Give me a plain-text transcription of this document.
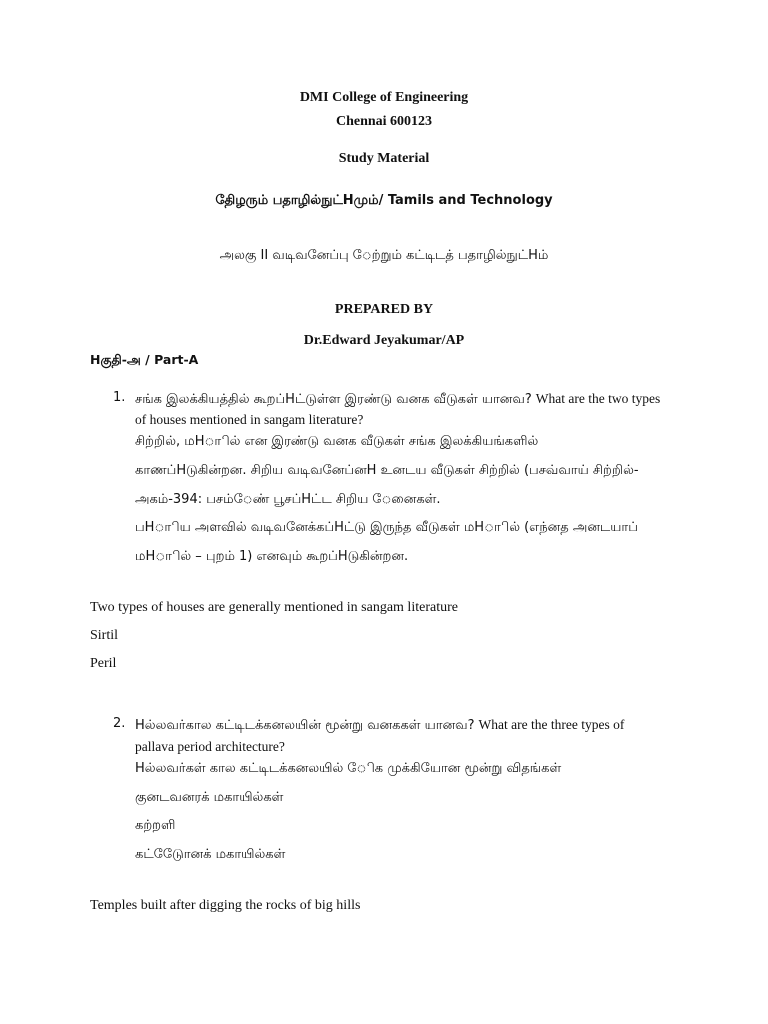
DMI College of Engineering
Chennai 600123
Study Material
தேிழரும் பதாழில்நுட்Hமும்/ Tamils and Technology
அலகு II வடிவனேப்பு ேற்றும் கட்டிடத் பதாழில்நுட்Hம்
PREPARED BY
Dr.Edward Jeyakumar/AP
Hகுதி-அ / Part-A
1. சங்க இலக்கியத்தில் கூறப்Hட்டுள்ள இரண்டு வனக வீடுகள் யானவ? What are the two types
of houses mentioned in sangam literature?
சிற்றில், மHாில் என இரண்டு வனக வீடுகள் சங்க இலக்கியங்களில்
காணப்Hடுகின்றன. சிறிய வடிவனேப்னH உனடய வீடுகள் சிற்றில் (பசவ்வாய் சிற்றில்-
அகம்-394: பசம்ேண் பூசப்Hட்ட சிறிய ேனைகள்.
பHாிய அளவில் வடிவனேக்கப்Hட்டு இருந்த வீடுகள் மHாில் (எந்னத அனடயாப்
மHாில் – புறம் 1) எனவும் கூறப்Hடுகின்றன.
Two types of houses are generally mentioned in sangam literature
Sirtil
Peril
2. Hல்லவர்கால கட்டிடக்கனலயின் மூன்று வனககள் யானவ? What are the three types of
pallava period architecture?
Hல்லவர்கள் கால கட்டிடக்கனலயில் ேிக முக்கியோன மூன்று விதங்கள்
குனடவனரக் மகாயில்கள்
கற்றளி
கட்டுேோனக் மகாயில்கள்
Temples built after digging the rocks of big hills
